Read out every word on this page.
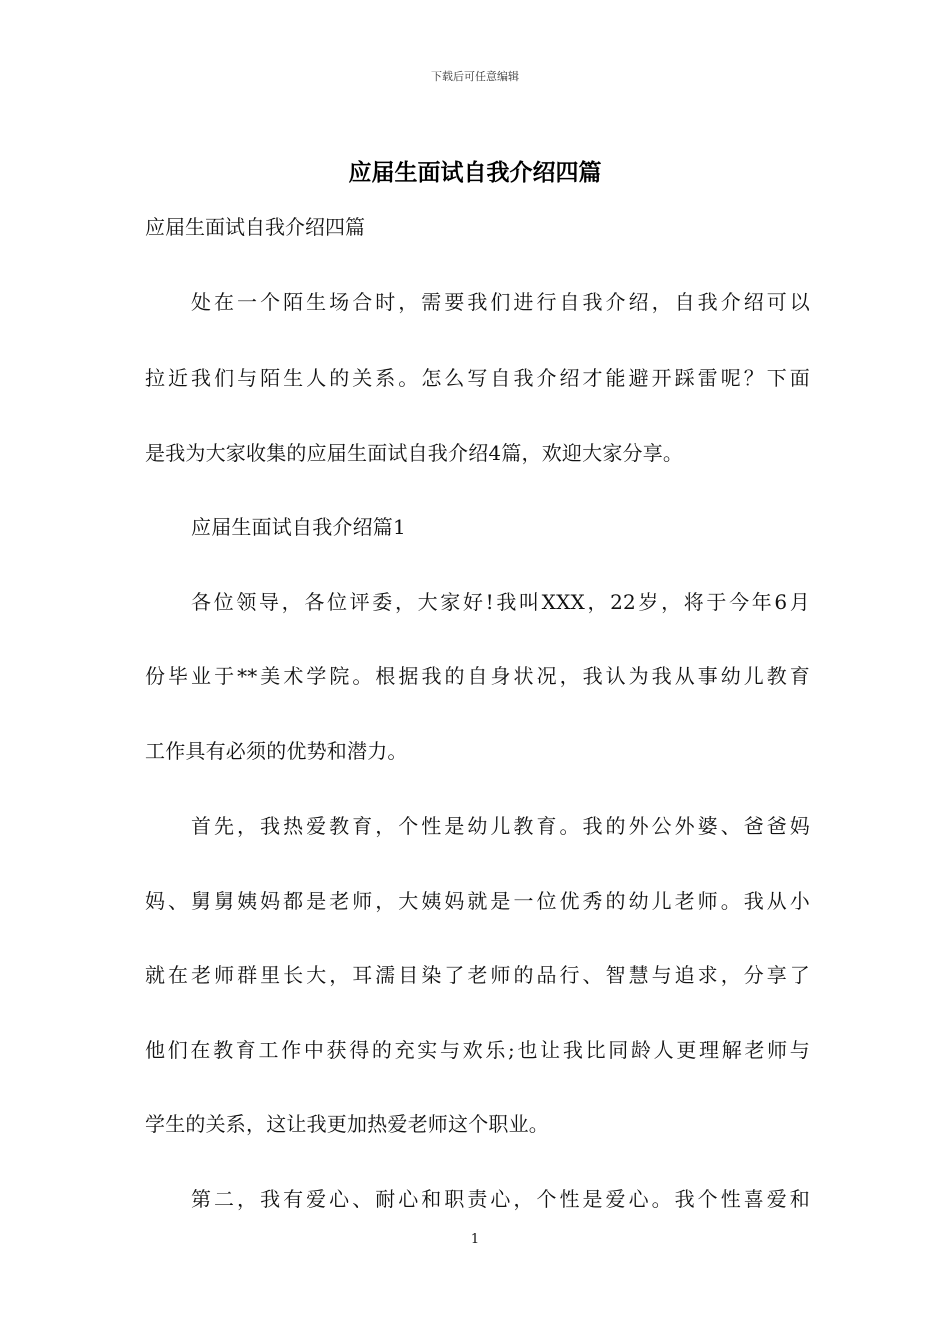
下载后可任意编辑
应届生面试自我介绍四篇
应届生面试自我介绍四篇
处在一个陌生场合时，需要我们进行自我介绍，自我介绍可以
拉近我们与陌生人的关系。怎么写自我介绍才能避开踩雷呢？下面
是我为大家收集的应届生面试自我介绍4篇，欢迎大家分享。
应届生面试自我介绍篇1
各位领导，各位评委，大家好!我叫XXX，22岁，将于今年6月
份毕业于**美术学院。根据我的自身状况，我认为我从事幼儿教育
工作具有必须的优势和潜力。
首先，我热爱教育，个性是幼儿教育。我的外公外婆、爸爸妈
妈、舅舅姨妈都是老师，大姨妈就是一位优秀的幼儿老师。我从小
就在老师群里长大，耳濡目染了老师的品行、智慧与追求，分享了
他们在教育工作中获得的充实与欢乐;也让我比同龄人更理解老师与
学生的关系，这让我更加热爱老师这个职业。
第二，我有爱心、耐心和职责心，个性是爱心。我个性喜爱和
1
